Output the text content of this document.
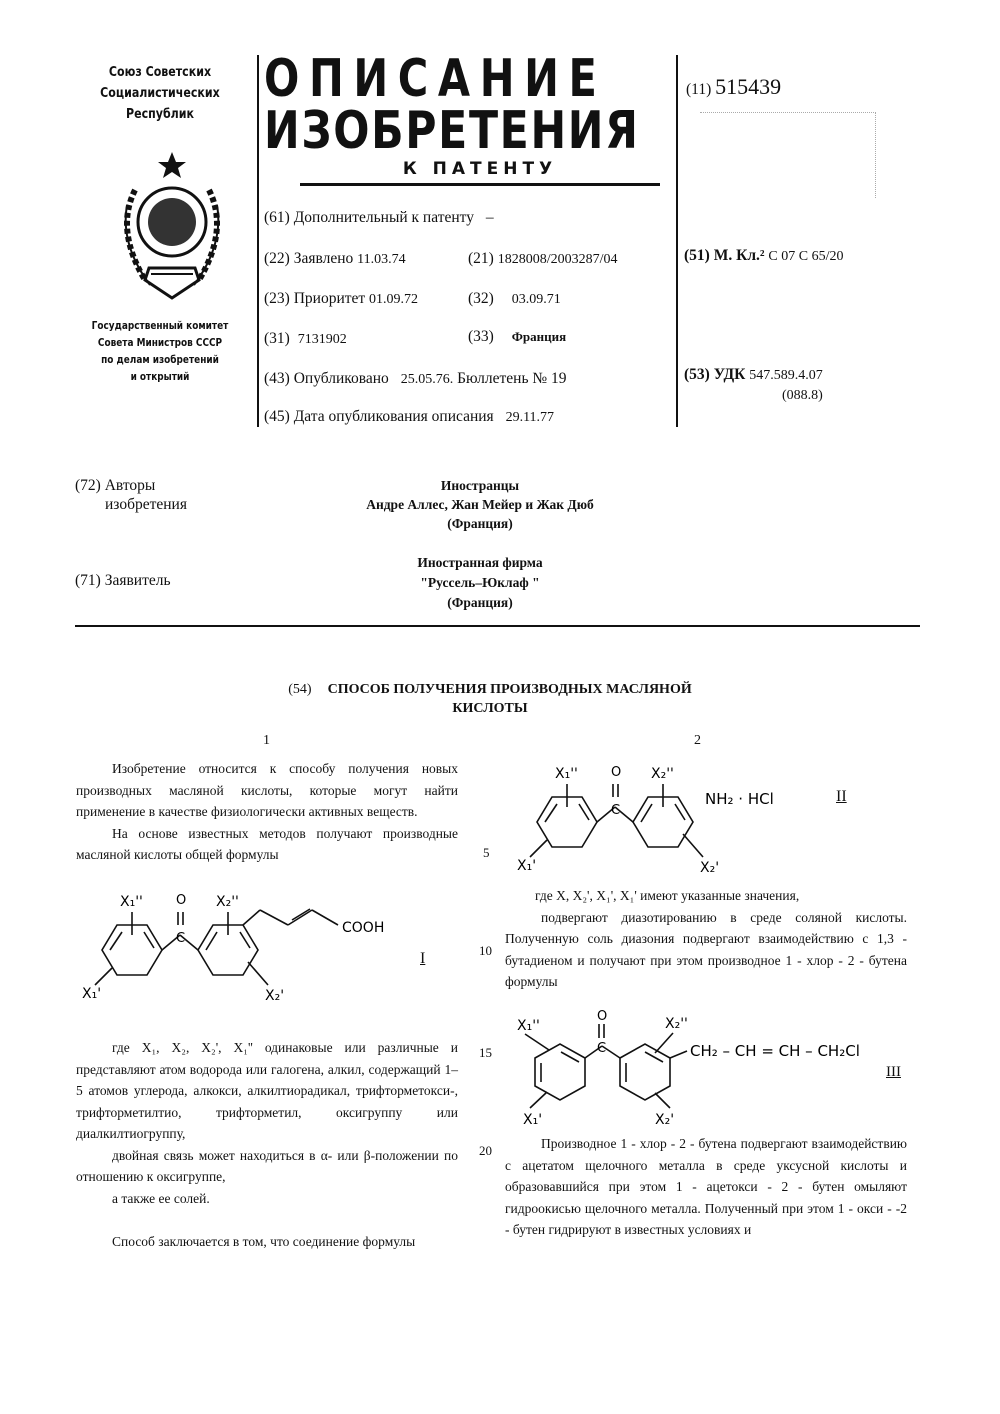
Союз Советских
Социалистических
Республик
Государственный комитет
Совета Министров СССР
по делам изобретений
и открытий
ОПИСАНИЕ
ИЗОБРЕТЕНИЯ
К ПАТЕНТУ
(61) Дополнительный к патенту –
(22) Заявлено 11.03.74	(21) 1828008/2003287/04
(23) Приоритет 01.09.72	(32) 03.09.71
(31) 7131902	(33) Франция
(43) Опубликовано 25.05.76. Бюллетень № 19
(45) Дата опубликования описания 29.11.77
(11) 515439
(51) М. Кл.² С 07 С 65/20
(53) УДК 547.589.4.07
(088.8)
(72) Авторы
изобретения
Иностранцы
Андре Аллес, Жан Мейер и Жак Дюб
(Франция)
(71) Заявитель
Иностранная фирма
"Руссель–Юклаф "
(Франция)
(54) СПОСОБ ПОЛУЧЕНИЯ ПРОИЗВОДНЫХ МАСЛЯНОЙ
КИСЛОТЫ
1	2
5
10
15
20

Изобретение относится к способу получения новых производных масляной кислоты, которые могут найти применение в качестве физиологически активных веществ.

На основе известных методов получают производные масляной кислоты общей формулы

X₁''	O
C
X₂''
X₁'	X₂'
COOH
I

где X₁, X₂, X₂', X₁'' одинаковые или различные и представляют атом водорода или галогена, алкил, содержащий 1–5 атомов углерода, алкокси, алкилтиорадикал, трифторметокси-, трифторметилтио, трифторметил, оксигруппу или диалкилтиогруппу,

двойная связь может находиться в α- или β-положении по отношению к оксигруппе,

а также ее солей.

Способ заключается в том, что соединение формулы

X₁''	O
C
X₂''
X₁'	X₂'
NH₂ · HCl	II

где X, X₂', X₁', X₁' имеют указанные значения,

подвергают диазотированию в среде соляной кислоты. Полученную соль диазония подвергают взаимодействию с 1,3 - бутадиеном и получают при этом производное 1 - хлор - 2 - бутена формулы

X₁''
O
C
X₂''
X₁'	X₂'
CH₂ – CH = CH – CH₂Cl
III

Производное 1 - хлор - 2 - бутена подвергают взаимодействию с ацетатом щелочного металла в среде уксусной кислоты и образовавшийся при этом 1 - ацетокси - 2 - бутен омыляют гидроокисью щелочного металла. Полученный при этом 1 - окси - -2 - бутен гидрируют в известных условиях и
